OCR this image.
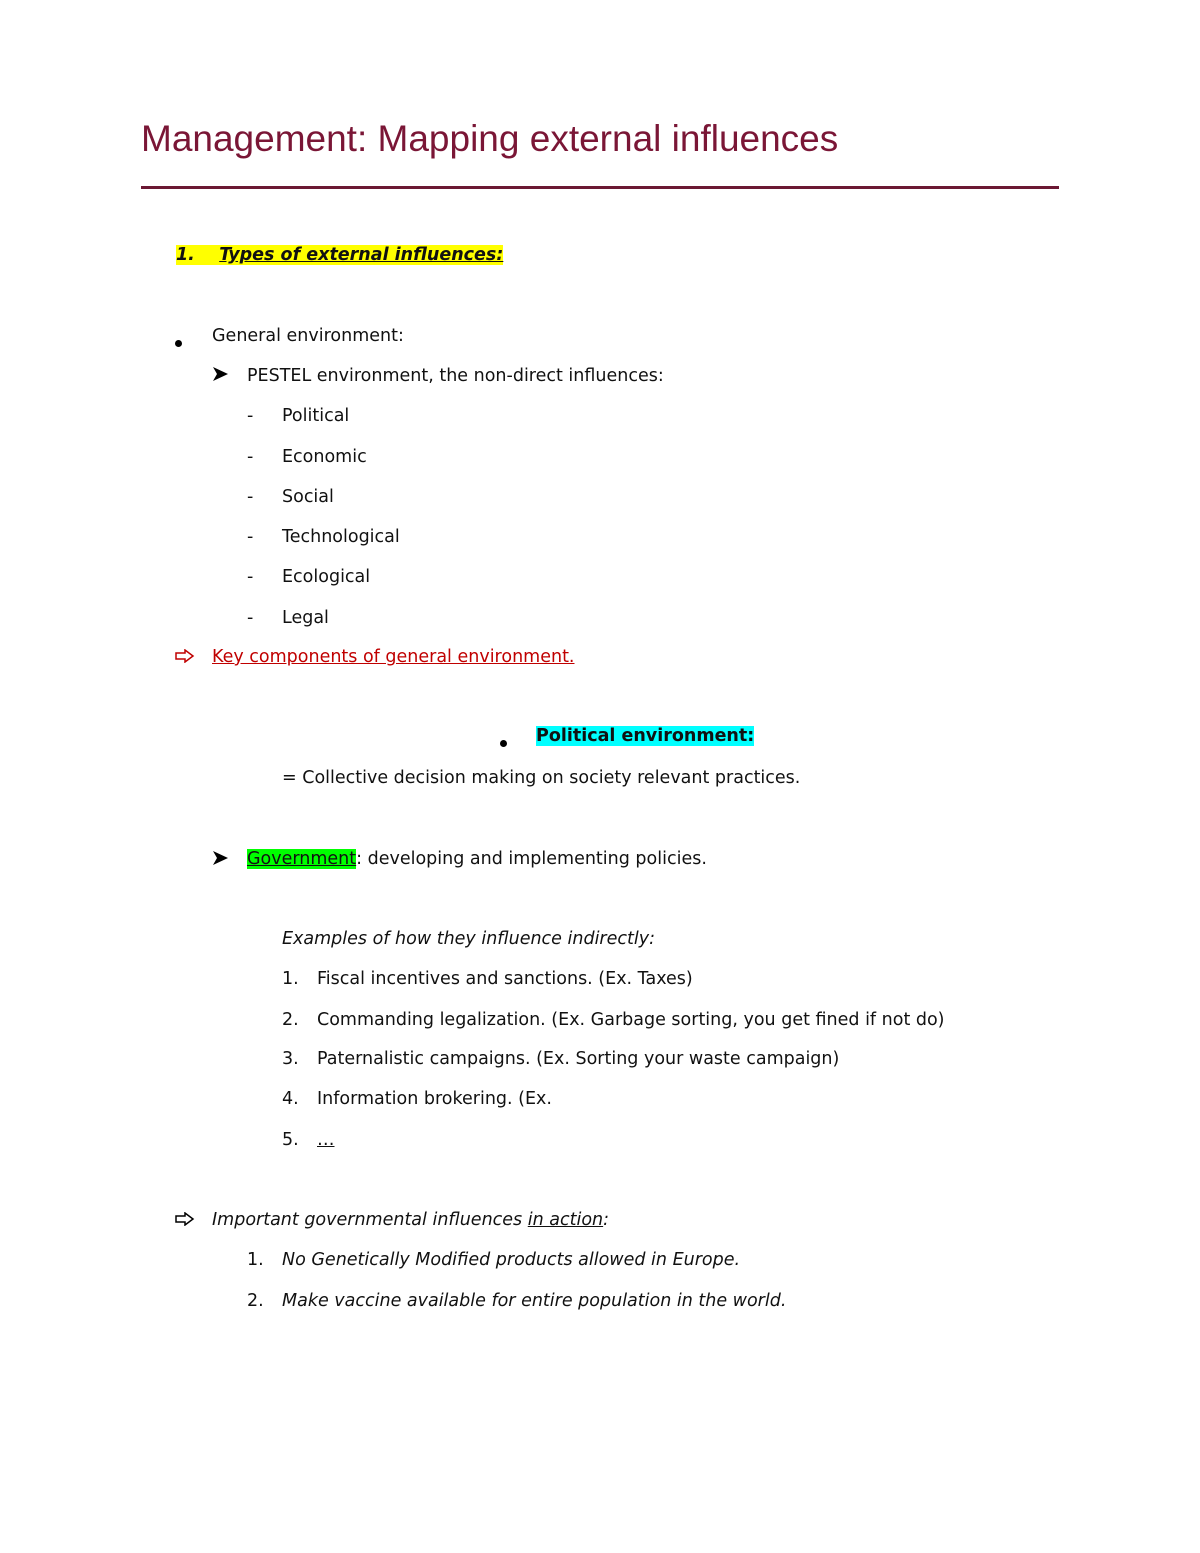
Management: Mapping external influences
1. Types of external influences:
General environment:
PESTEL environment, the non-direct influences:
- Political
- Economic
- Social
- Technological
- Ecological
- Legal
Key components of general environment.
Political environment:
= Collective decision making on society relevant practices.
Government: developing and implementing policies.
Examples of how they influence indirectly:
1. Fiscal incentives and sanctions. (Ex. Taxes)
2. Commanding legalization. (Ex. Garbage sorting, you get fined if not do)
3. Paternalistic campaigns. (Ex. Sorting your waste campaign)
4. Information brokering. (Ex.
5. …
Important governmental influences in action:
1. No Genetically Modified products allowed in Europe.
2. Make vaccine available for entire population in the world.
